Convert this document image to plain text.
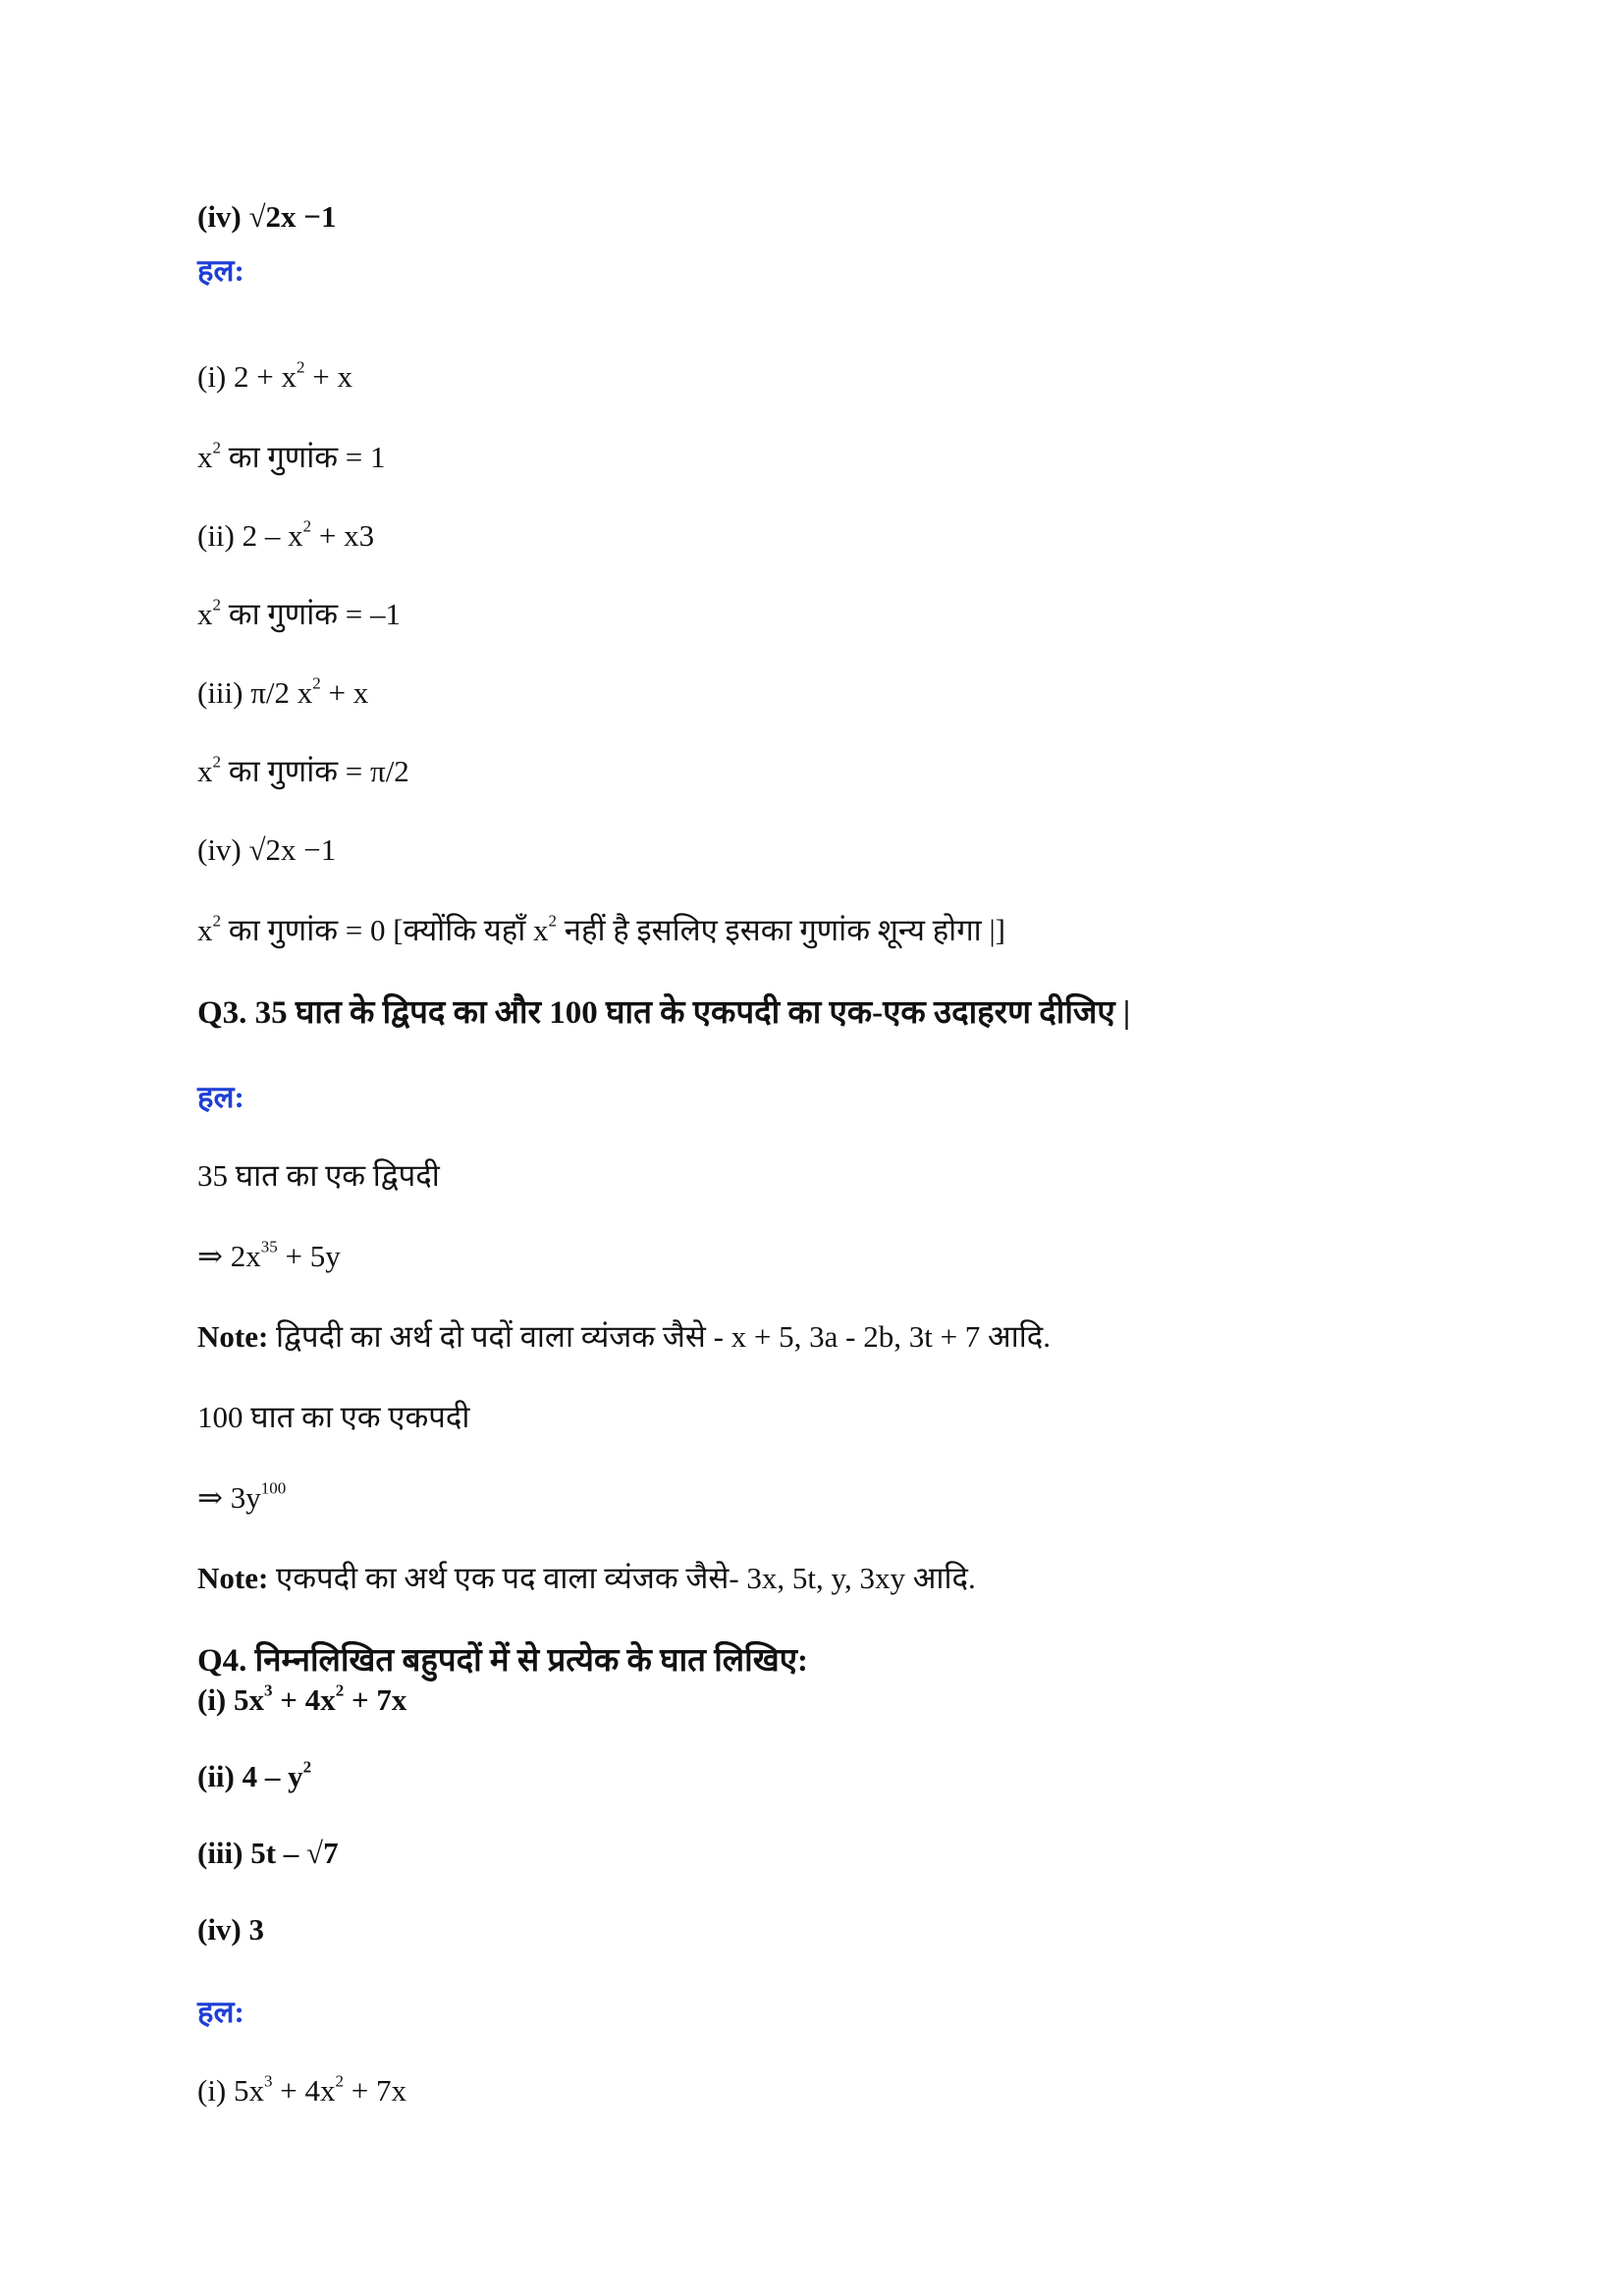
(iv) √2x −1
हल:
(i) $2 + x^2 + x$
$x^2$ का गुणांक = 1
(ii) $2 - x^2 + x3$
$x^2$ का गुणांक = –1
(iii) π/2 $x^2 + x$
$x^2$ का गुणांक = π/2
(iv) √2x −1
$x^2$ का गुणांक = 0 [क्योंकि यहाँ $x^2$ नहीं है इसलिए इसका गुणांक शून्य होगा |]
Q3. 35 घात के द्विपद का और 100 घात के एकपदी का एक-एक उदाहरण दीजिए |
हल:
35 घात का एक द्विपदी
⇒ $2x^{35} + 5y$
Note: द्विपदी का अर्थ दो पदों वाला व्यंजक जैसे - x + 5, 3a - 2b, 3t + 7 आदि.
100 घात का एक एकपदी
⇒ $3y^{100}$
Note: एकपदी का अर्थ एक पद वाला व्यंजक जैसे- 3x, 5t, y, 3xy आदि.
Q4. निम्नलिखित बहुपदों में से प्रत्येक के घात लिखिए:
(i) $5x^3 + 4x^2 + 7x$
(ii) $4 - y^2$
(iii) 5t – √7
(iv) 3
हल:
(i) $5x^3 + 4x^2 + 7x$
